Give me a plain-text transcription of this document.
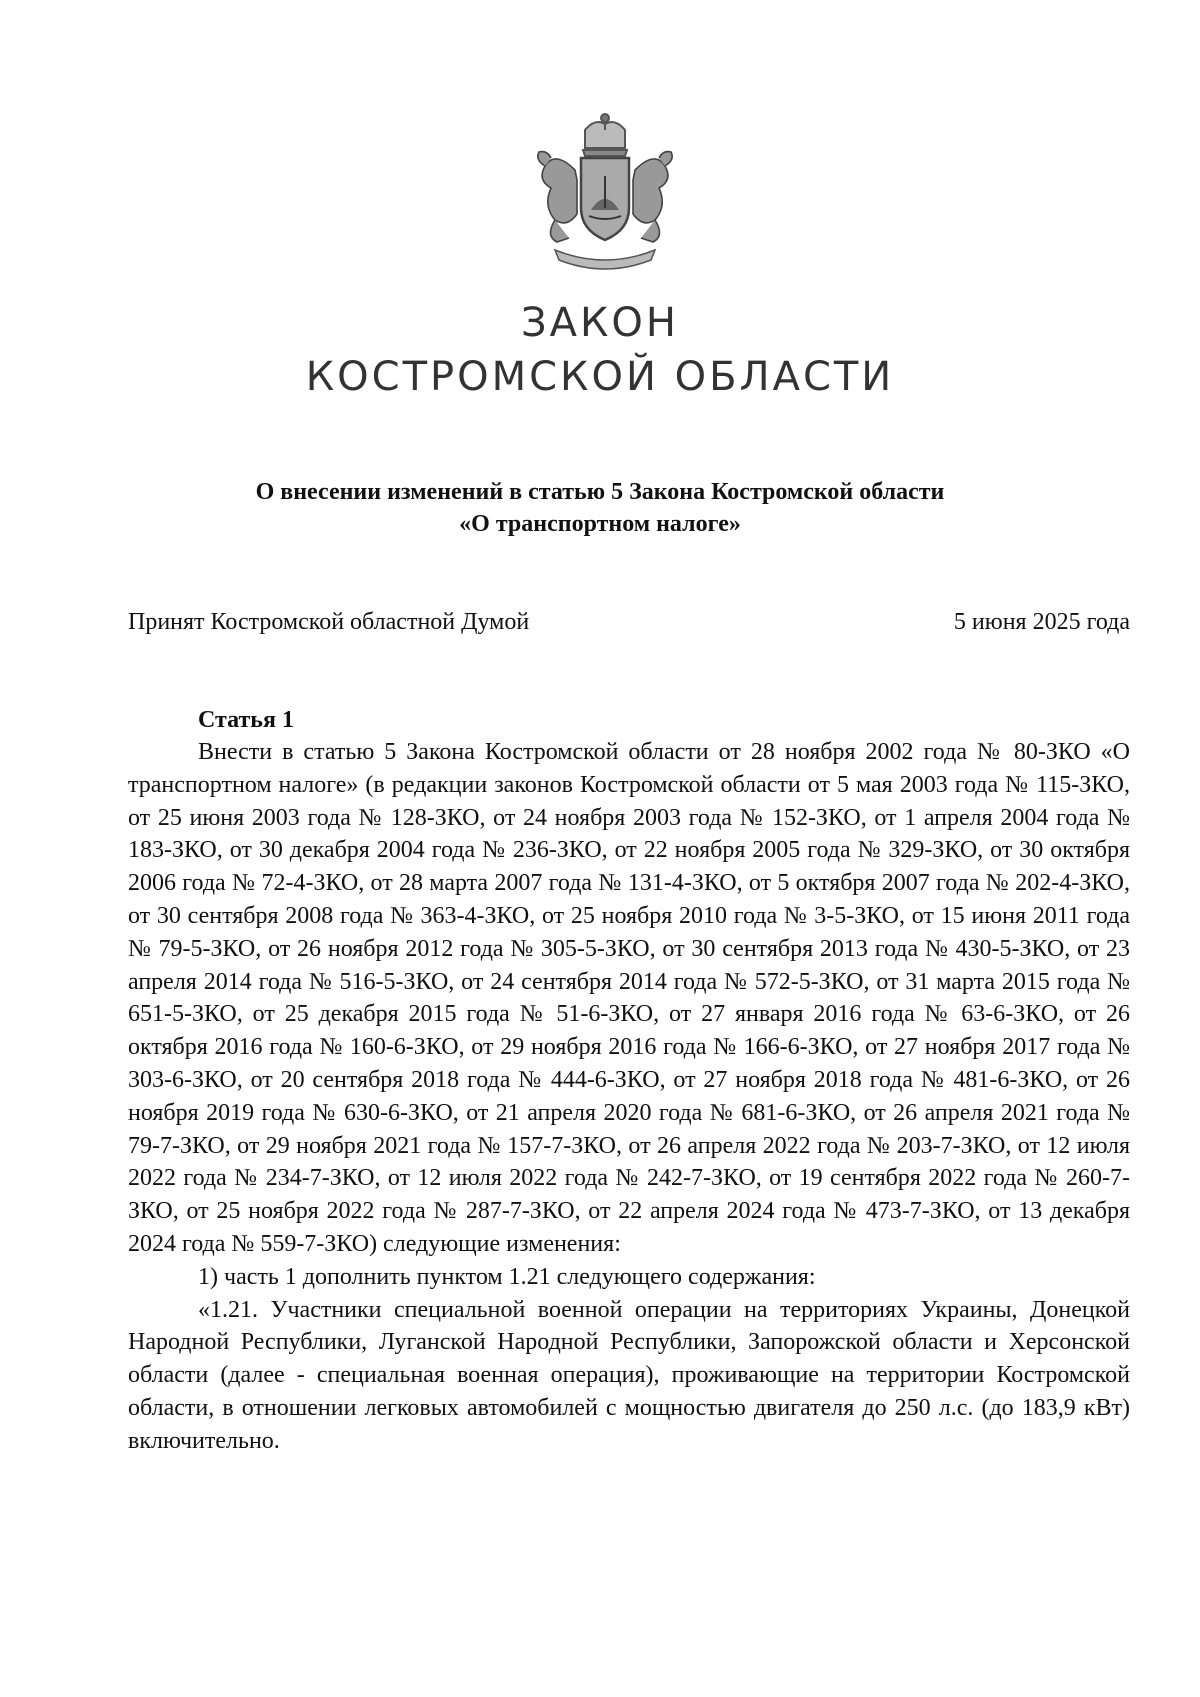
ЗАКОН
КОСТРОМСКОЙ ОБЛАСТИ
О внесении изменений в статью 5 Закона Костромской области
«О транспортном налоге»
Принят Костромской областной Думой	5 июня 2025 года
Статья 1

Внести в статью 5 Закона Костромской области от 28 ноября 2002 года № 80-ЗКО «О транспортном налоге» (в редакции законов Костромской области от 5 мая 2003 года № 115-ЗКО, от 25 июня 2003 года № 128-ЗКО, от 24 ноября 2003 года № 152-ЗКО, от 1 апреля 2004 года № 183-ЗКО, от 30 декабря 2004 года № 236-ЗКО, от 22 ноября 2005 года № 329-ЗКО, от 30 октября 2006 года № 72-4-ЗКО, от 28 марта 2007 года № 131-4-ЗКО, от 5 октября 2007 года № 202-4-ЗКО, от 30 сентября 2008 года № 363-4-ЗКО, от 25 ноября 2010 года № 3-5-ЗКО, от 15 июня 2011 года № 79-5-ЗКО, от 26 ноября 2012 года № 305-5-ЗКО, от 30 сентября 2013 года № 430-5-ЗКО, от 23 апреля 2014 года № 516-5-ЗКО, от 24 сентября 2014 года № 572-5-ЗКО, от 31 марта 2015 года № 651-5-ЗКО, от 25 декабря 2015 года № 51-6-ЗКО, от 27 января 2016 года № 63-6-ЗКО, от 26 октября 2016 года № 160-6-ЗКО, от 29 ноября 2016 года № 166-6-ЗКО, от 27 ноября 2017 года № 303-6-ЗКО, от 20 сентября 2018 года № 444-6-ЗКО, от 27 ноября 2018 года № 481-6-ЗКО, от 26 ноября 2019 года № 630-6-ЗКО, от 21 апреля 2020 года № 681-6-ЗКО, от 26 апреля 2021 года № 79-7-ЗКО, от 29 ноября 2021 года № 157-7-ЗКО, от 26 апреля 2022 года № 203-7-ЗКО, от 12 июля 2022 года № 234-7-ЗКО, от 12 июля 2022 года № 242-7-ЗКО, от 19 сентября 2022 года № 260-7-ЗКО, от 25 ноября 2022 года № 287-7-ЗКО, от 22 апреля 2024 года № 473-7-ЗКО, от 13 декабря 2024 года № 559-7-ЗКО) следующие изменения:

1) часть 1 дополнить пунктом 1.21 следующего содержания:

«1.21. Участники специальной военной операции на территориях Украины, Донецкой Народной Республики, Луганской Народной Республики, Запорожской области и Херсонской области (далее - специальная военная операция), проживающие на территории Костромской области, в отношении легковых автомобилей с мощностью двигателя до 250 л.с. (до 183,9 кВт) включительно.
